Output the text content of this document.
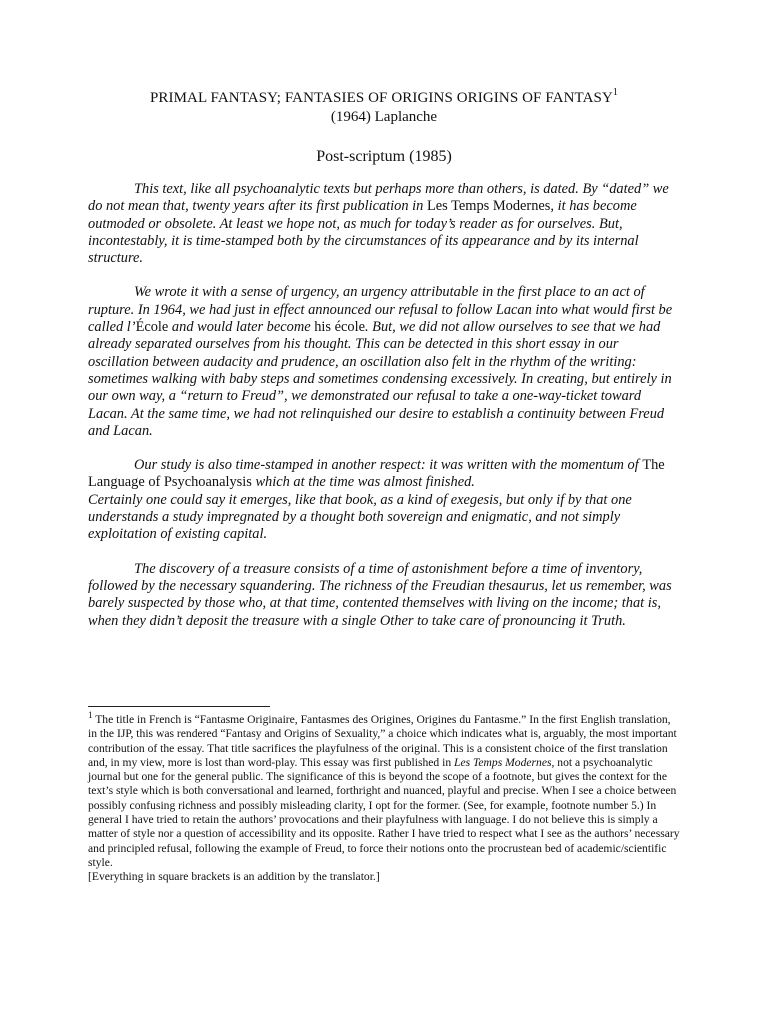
PRIMAL FANTASY; FANTASIES OF ORIGINS ORIGINS OF FANTASY$^1$
(1964) Laplanche
Post-scriptum (1985)

This text, like all psychoanalytic texts but perhaps more than others, is dated. By “dated” we do not mean that, twenty years after its first publication in Les Temps Modernes, it has become outmoded or obsolete. At least we hope not, as much for today’s reader as for ourselves. But, incontestably, it is time-stamped both by the circumstances of its appearance and by its internal structure.

We wrote it with a sense of urgency, an urgency attributable in the first place to an act of rupture. In 1964, we had just in effect announced our refusal to follow Lacan into what would first be called l’École and would later become his école. But, we did not allow ourselves to see that we had already separated ourselves from his thought. This can be detected in this short essay in our oscillation between audacity and prudence, an oscillation also felt in the rhythm of the writing: sometimes walking with baby steps and sometimes condensing excessively. In creating, but entirely in our own way, a “return to Freud”, we demonstrated our refusal to take a one-way-ticket toward Lacan. At the same time, we had not relinquished our desire to establish a continuity between Freud and Lacan.

Our study is also time-stamped in another respect: it was written with the momentum of The Language of Psychoanalysis which at the time was almost finished.

Certainly one could say it emerges, like that book, as a kind of exegesis, but only if by that one understands a study impregnated by a thought both sovereign and enigmatic, and not simply exploitation of existing capital.

The discovery of a treasure consists of a time of astonishment before a time of inventory, followed by the necessary squandering. The richness of the Freudian thesaurus, let us remember, was barely suspected by those who, at that time, contented themselves with living on the income; that is, when they didn’t deposit the treasure with a single Other to take care of pronouncing it Truth.

$^1$ The title in French is “Fantasme Originaire, Fantasmes des Origines, Origines du Fantasme.” In the first English translation, in the IJP, this was rendered “Fantasy and Origins of Sexuality,” a choice which indicates what is, arguably, the most important contribution of the essay. That title sacrifices the playfulness of the original. This is a consistent choice of the first translation and, in my view, more is lost than word-play. This essay was first published in Les Temps Modernes, not a psychoanalytic journal but one for the general public. The significance of this is beyond the scope of a footnote, but gives the context for the text’s style which is both conversational and learned, forthright and nuanced, playful and precise. When I see a choice between possibly confusing richness and possibly misleading clarity, I opt for the former. (See, for example, footnote number 5.) In general I have tried to retain the authors’ provocations and their playfulness with language. I do not believe this is simply a matter of style nor a question of accessibility and its opposite. Rather I have tried to respect what I see as the authors’ necessary and principled refusal, following the example of Freud, to force their notions onto the procrustean bed of academic/scientific style.

[Everything in square brackets is an addition by the translator.]
